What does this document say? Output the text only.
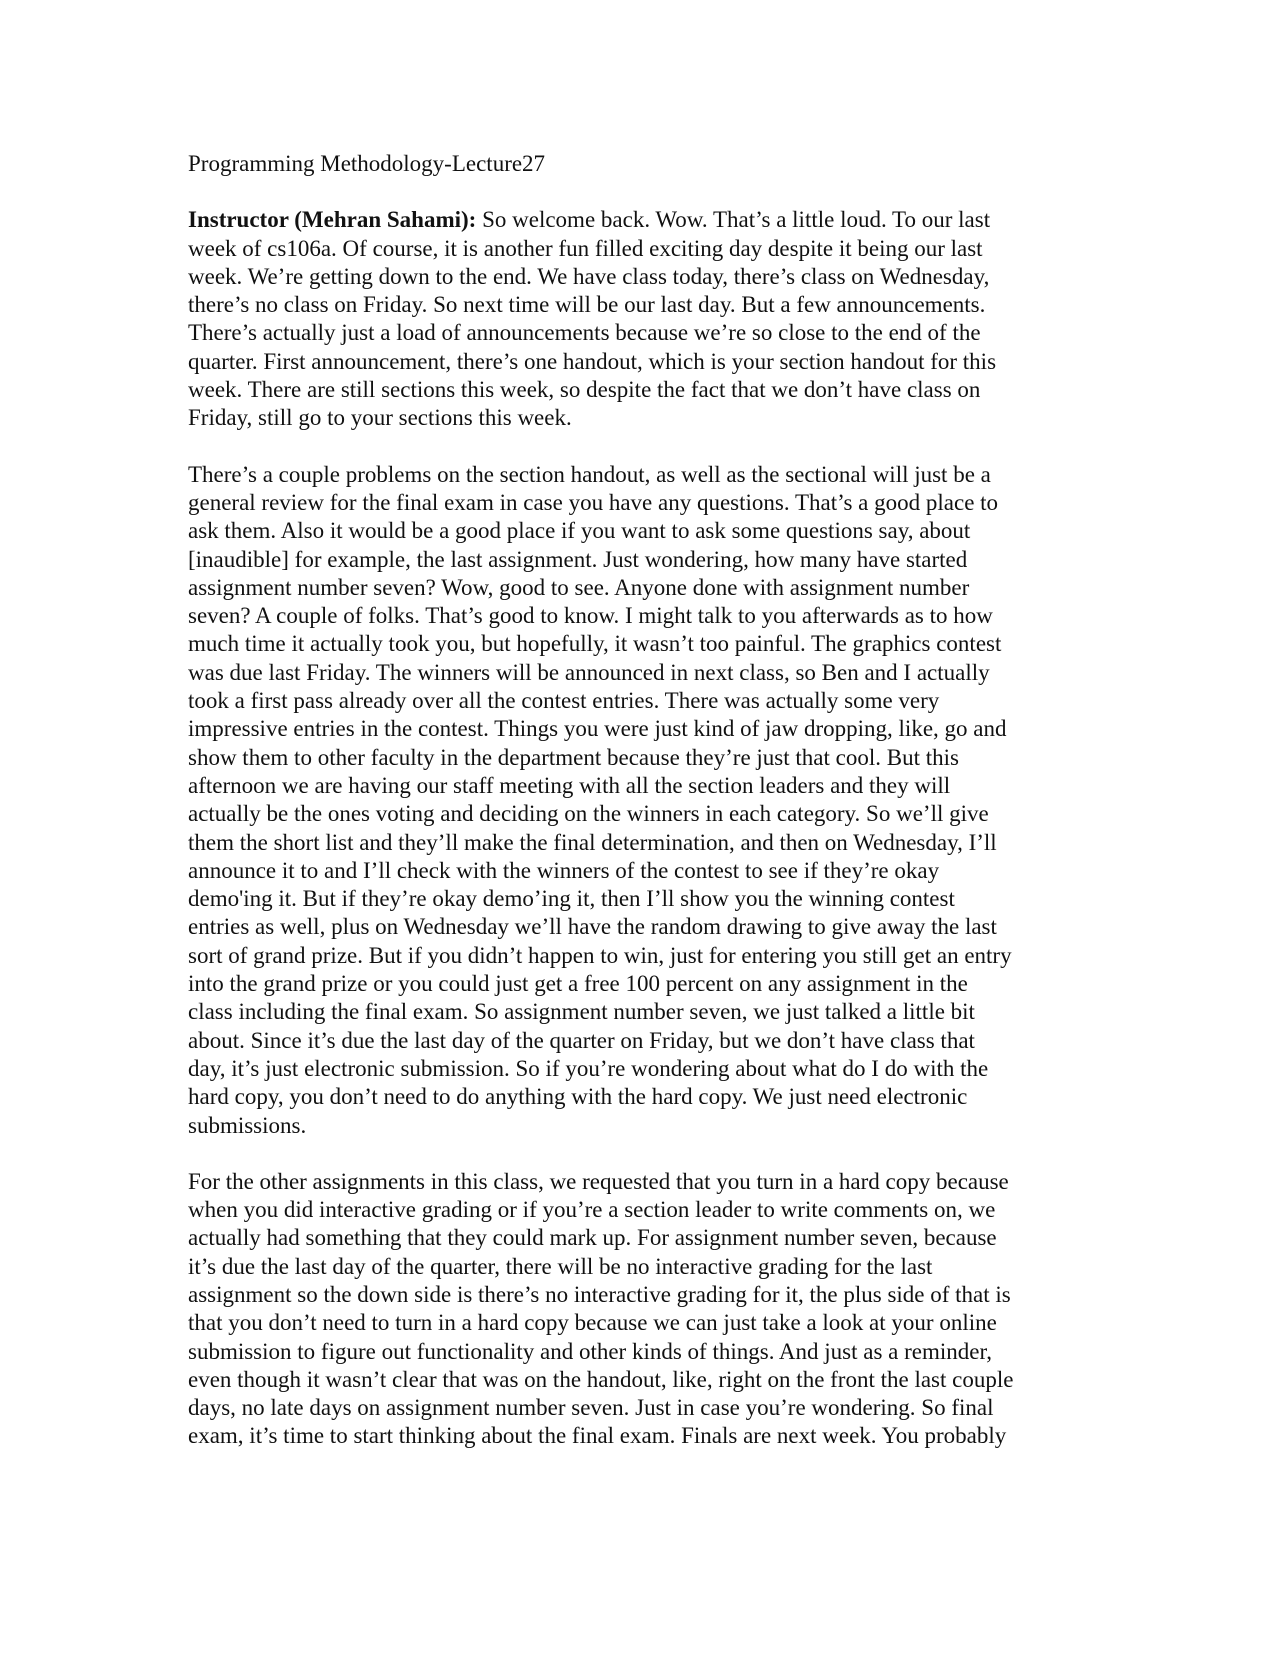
Programming Methodology-Lecture27
Instructor (Mehran Sahami): So welcome back. Wow. That’s a little loud. To our last
week of cs106a. Of course, it is another fun filled exciting day despite it being our last
week. We’re getting down to the end. We have class today, there’s class on Wednesday,
there’s no class on Friday. So next time will be our last day. But a few announcements.
There’s actually just a load of announcements because we’re so close to the end of the
quarter. First announcement, there’s one handout, which is your section handout for this
week. There are still sections this week, so despite the fact that we don’t have class on
Friday, still go to your sections this week.
There’s a couple problems on the section handout, as well as the sectional will just be a
general review for the final exam in case you have any questions. That’s a good place to
ask them. Also it would be a good place if you want to ask some questions say, about
[inaudible] for example, the last assignment. Just wondering, how many have started
assignment number seven? Wow, good to see. Anyone done with assignment number
seven? A couple of folks. That’s good to know. I might talk to you afterwards as to how
much time it actually took you, but hopefully, it wasn’t too painful. The graphics contest
was due last Friday. The winners will be announced in next class, so Ben and I actually
took a first pass already over all the contest entries. There was actually some very
impressive entries in the contest. Things you were just kind of jaw dropping, like, go and
show them to other faculty in the department because they’re just that cool. But this
afternoon we are having our staff meeting with all the section leaders and they will
actually be the ones voting and deciding on the winners in each category. So we’ll give
them the short list and they’ll make the final determination, and then on Wednesday, I’ll
announce it to and I’ll check with the winners of the contest to see if they’re okay
demo'ing it. But if they’re okay demo’ing it, then I’ll show you the winning contest
entries as well, plus on Wednesday we’ll have the random drawing to give away the last
sort of grand prize. But if you didn’t happen to win, just for entering you still get an entry
into the grand prize or you could just get a free 100 percent on any assignment in the
class including the final exam. So assignment number seven, we just talked a little bit
about. Since it’s due the last day of the quarter on Friday, but we don’t have class that
day, it’s just electronic submission. So if you’re wondering about what do I do with the
hard copy, you don’t need to do anything with the hard copy. We just need electronic
submissions.
For the other assignments in this class, we requested that you turn in a hard copy because
when you did interactive grading or if you’re a section leader to write comments on, we
actually had something that they could mark up. For assignment number seven, because
it’s due the last day of the quarter, there will be no interactive grading for the last
assignment so the down side is there’s no interactive grading for it, the plus side of that is
that you don’t need to turn in a hard copy because we can just take a look at your online
submission to figure out functionality and other kinds of things. And just as a reminder,
even though it wasn’t clear that was on the handout, like, right on the front the last couple
days, no late days on assignment number seven. Just in case you’re wondering. So final
exam, it’s time to start thinking about the final exam. Finals are next week. You probably
